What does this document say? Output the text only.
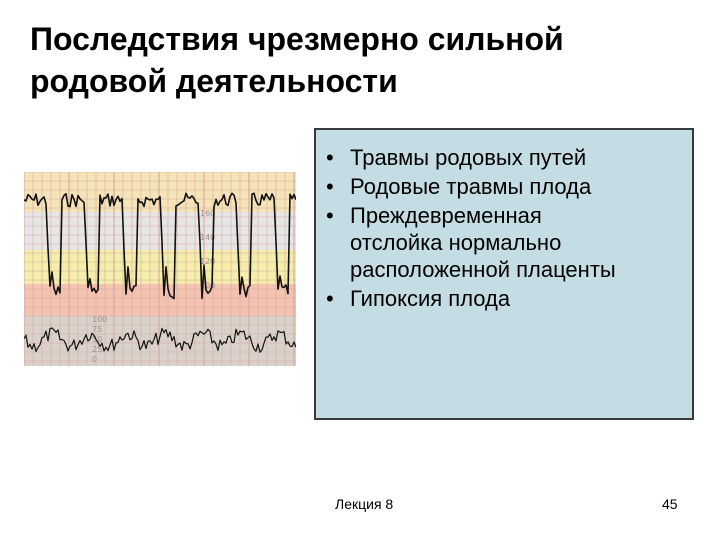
Последствия чрезмерно сильной
родовой деятельности
160
140
120
100
100
75
50
25
0
• Травмы родовых путей
• Родовые травмы плода
• Преждевременная
отслойка нормально
расположенной плаценты
• Гипоксия плода
Лекция 8	45
